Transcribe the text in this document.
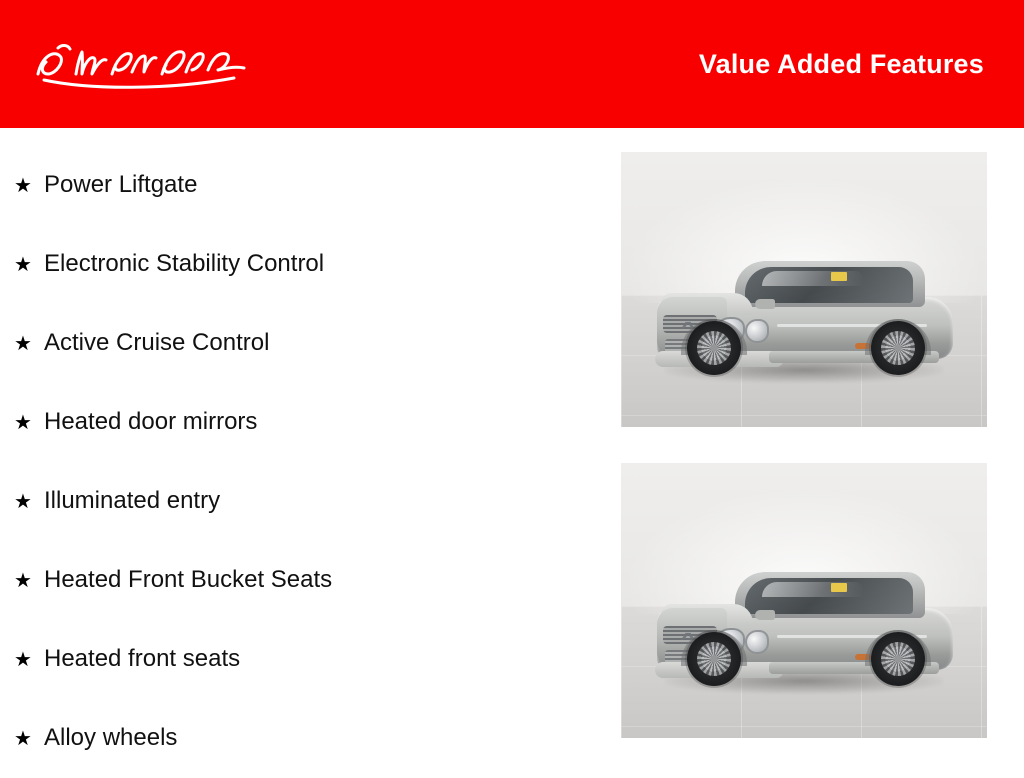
Value Added Features
★ Power Liftgate
★ Electronic Stability Control
★ Active Cruise Control
★ Heated door mirrors
★ Illuminated entry
★ Heated Front Bucket Seats
★ Heated front seats
★ Alloy wheels
